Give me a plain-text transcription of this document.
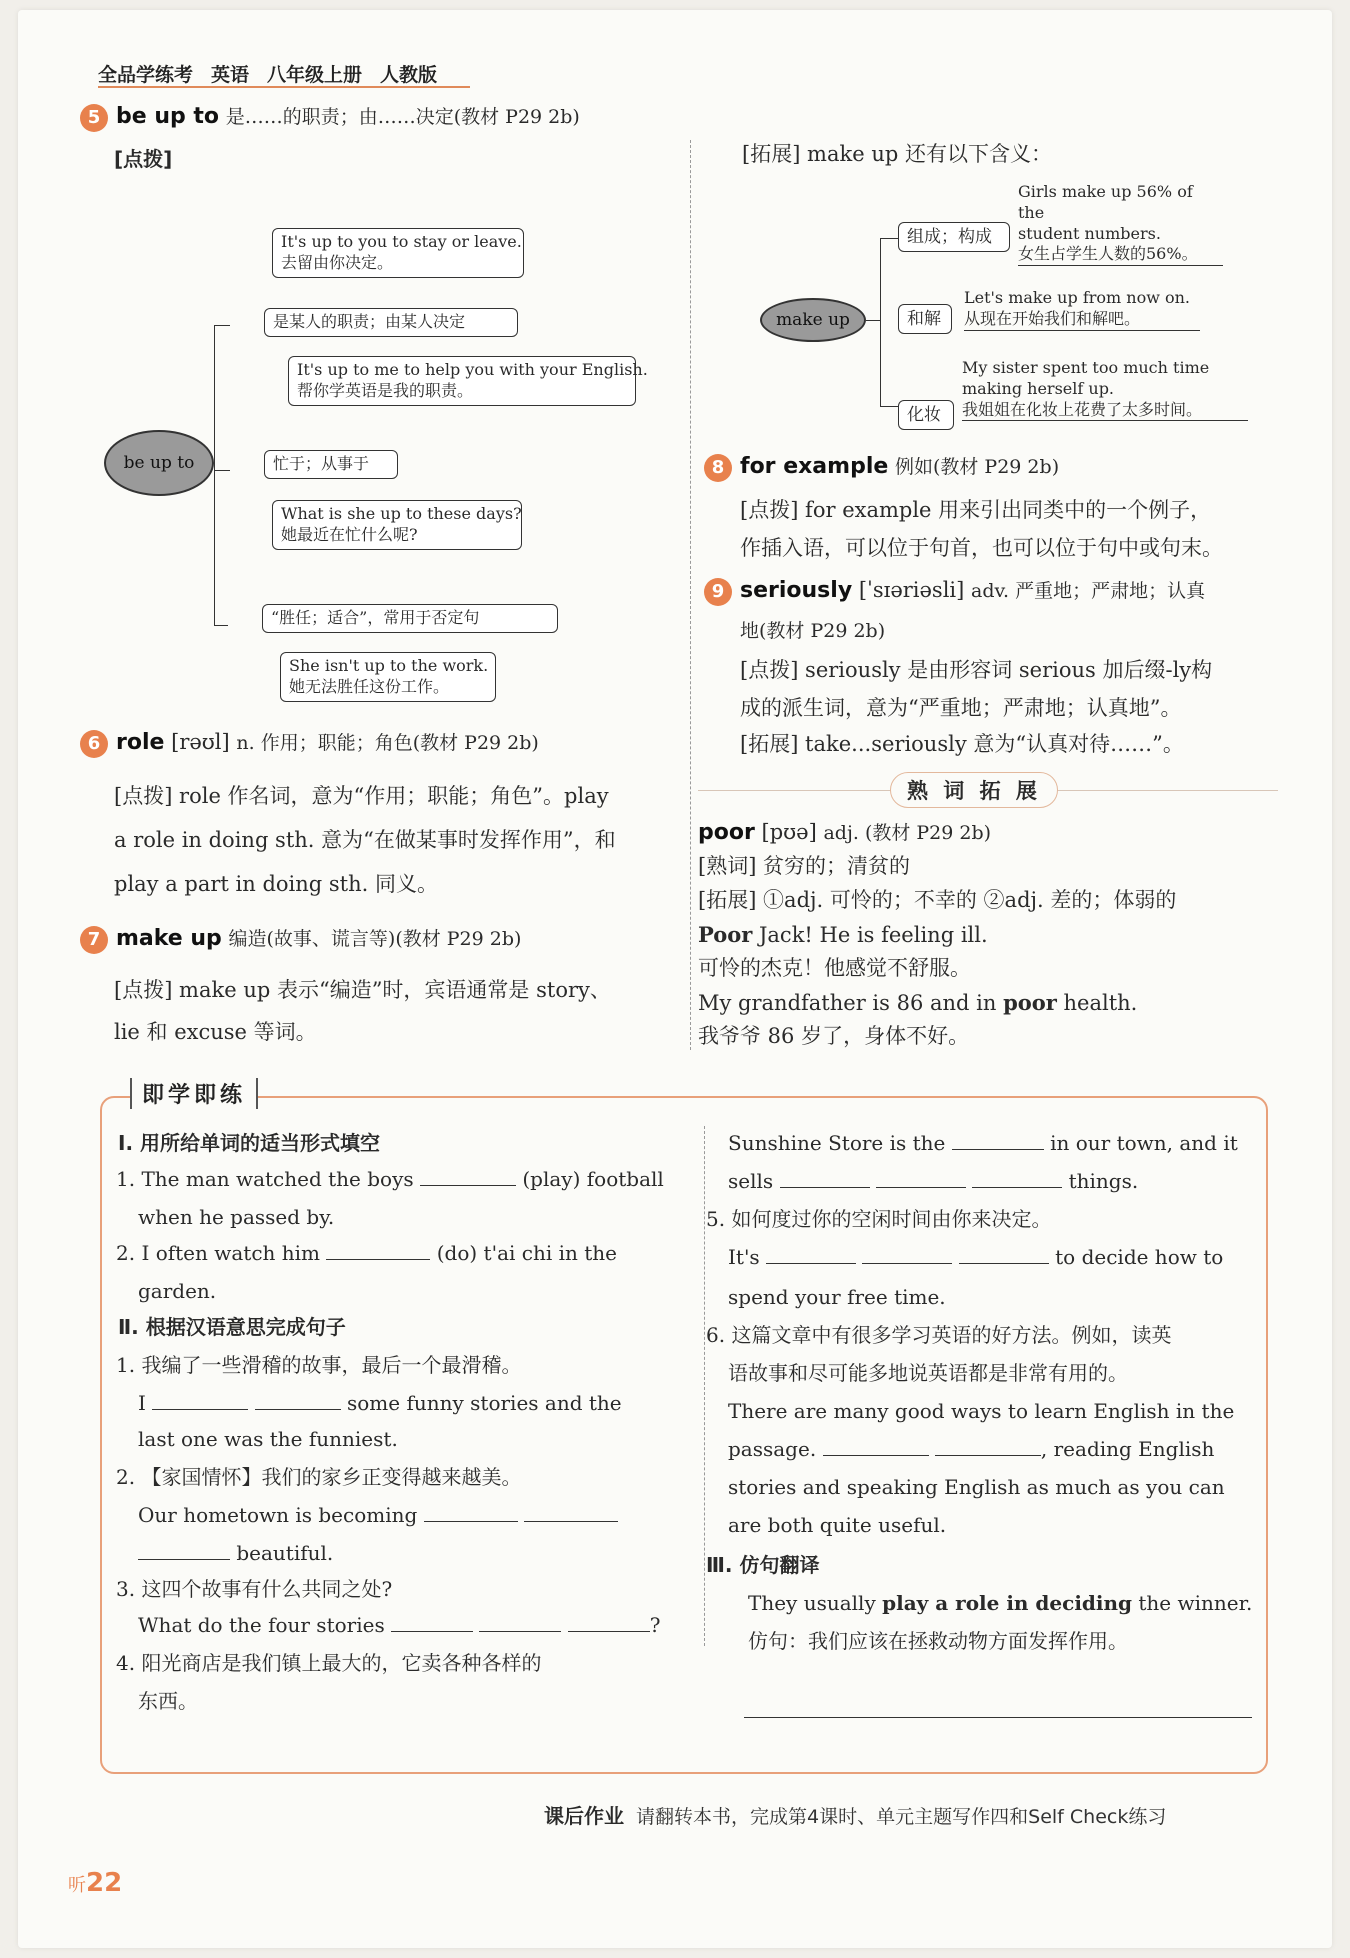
全品学练考 英语 八年级上册 人教版
5 be up to 是……的职责；由……决定(教材 P29 2b)
[点拨]
be up to
It's up to you to stay or leave.
去留由你决定。
是某人的职责；由某人决定
It's up to me to help you with your English.
帮你学英语是我的职责。
忙于；从事于
What is she up to these days?
她最近在忙什么呢?
“胜任；适合”，常用于否定句
She isn't up to the work.
她无法胜任这份工作。
6 role [rəʊl] n. 作用；职能；角色(教材 P29 2b)
[点拨] role 作名词，意为“作用；职能；角色”。play
a role in doing sth. 意为“在做某事时发挥作用”，和
play a part in doing sth. 同义。
7 make up 编造(故事、谎言等)(教材 P29 2b)
[点拨] make up 表示“编造”时，宾语通常是 story、
lie 和 excuse 等词。
[拓展] make up 还有以下含义：
make up
组成；构成
Girls make up 56% of the
student numbers.
女生占学生人数的56%。
和解
Let's make up from now on.
从现在开始我们和解吧。
化妆
My sister spent too much time
making herself up.
我姐姐在化妆上花费了太多时间。
8 for example 例如(教材 P29 2b)
[点拨] for example 用来引出同类中的一个例子，
作插入语，可以位于句首，也可以位于句中或句末。
9 seriously [ˈsɪəriəsli] adv. 严重地；严肃地；认真
地(教材 P29 2b)
[点拨] seriously 是由形容词 serious 加后缀-ly构
成的派生词，意为“严重地；严肃地；认真地”。
[拓展] take...seriously 意为“认真对待……”。
熟 词 拓 展
poor [pʊə] adj. (教材 P29 2b)
[熟词] 贫穷的；清贫的
[拓展] ①adj. 可怜的；不幸的 ②adj. 差的；体弱的
Poor Jack! He is feeling ill.
可怜的杰克！他感觉不舒服。
My grandfather is 86 and in poor health.
我爷爷 86 岁了，身体不好。
即学即练
Ⅰ. 用所给单词的适当形式填空
1. The man watched the boys	(play) football
when he passed by.
2. I often watch him	(do) t'ai chi in the
garden.
Ⅱ. 根据汉语意思完成句子
1. 我编了一些滑稽的故事，最后一个最滑稽。
I	some funny stories and the
last one was the funniest.
2. 【家国情怀】我们的家乡正变得越来越美。
Our hometown is becoming
beautiful.
3. 这四个故事有什么共同之处?
What do the four stories	?
4. 阳光商店是我们镇上最大的，它卖各种各样的
东西。
Sunshine Store is the	in our town, and it
sells	things.
5. 如何度过你的空闲时间由你来决定。
It's	to decide how to
spend your free time.
6. 这篇文章中有很多学习英语的好方法。例如，读英
语故事和尽可能多地说英语都是非常有用的。
There are many good ways to learn English in the
passage.	, reading English
stories and speaking English as much as you can
are both quite useful.
Ⅲ. 仿句翻译
They usually play a role in deciding the winner.
仿句：我们应该在拯救动物方面发挥作用。
课后作业 请翻转本书，完成第4课时、单元主题写作四和Self Check练习
听22
